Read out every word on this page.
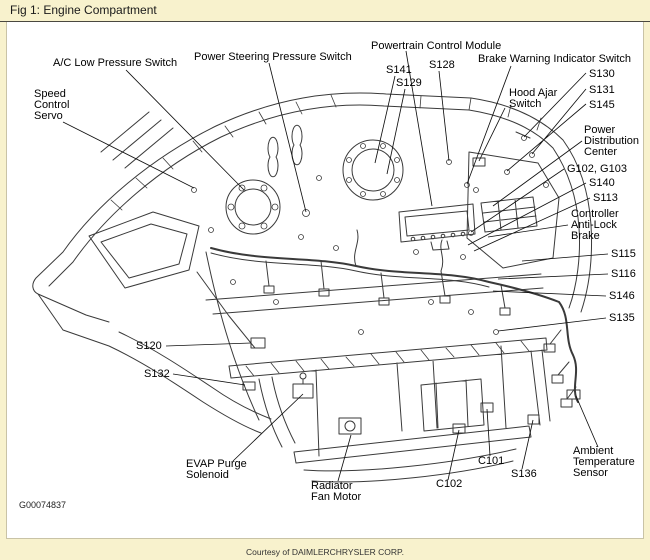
Fig 1: Engine Compartment
A/C Low Pressure Switch
Speed
Control
Servo
Power Steering Pressure Switch
Powertrain Control Module
S141
S129
S128 Brake Warning Indicator Switch
S130
Hood Ajar
Switch
S131
S145
Power
Distribution
Center
G102, G103
S140
S113
Controller
Anti-Lock
Brake
S115
S116
S146
S135
S120
S132
EVAP Purge
Solenoid
Radiator
Fan Motor
C102
C101
S136
Ambient
Temperature
Sensor
G00074837
Courtesy of DAIMLERCHRYSLER CORP.
